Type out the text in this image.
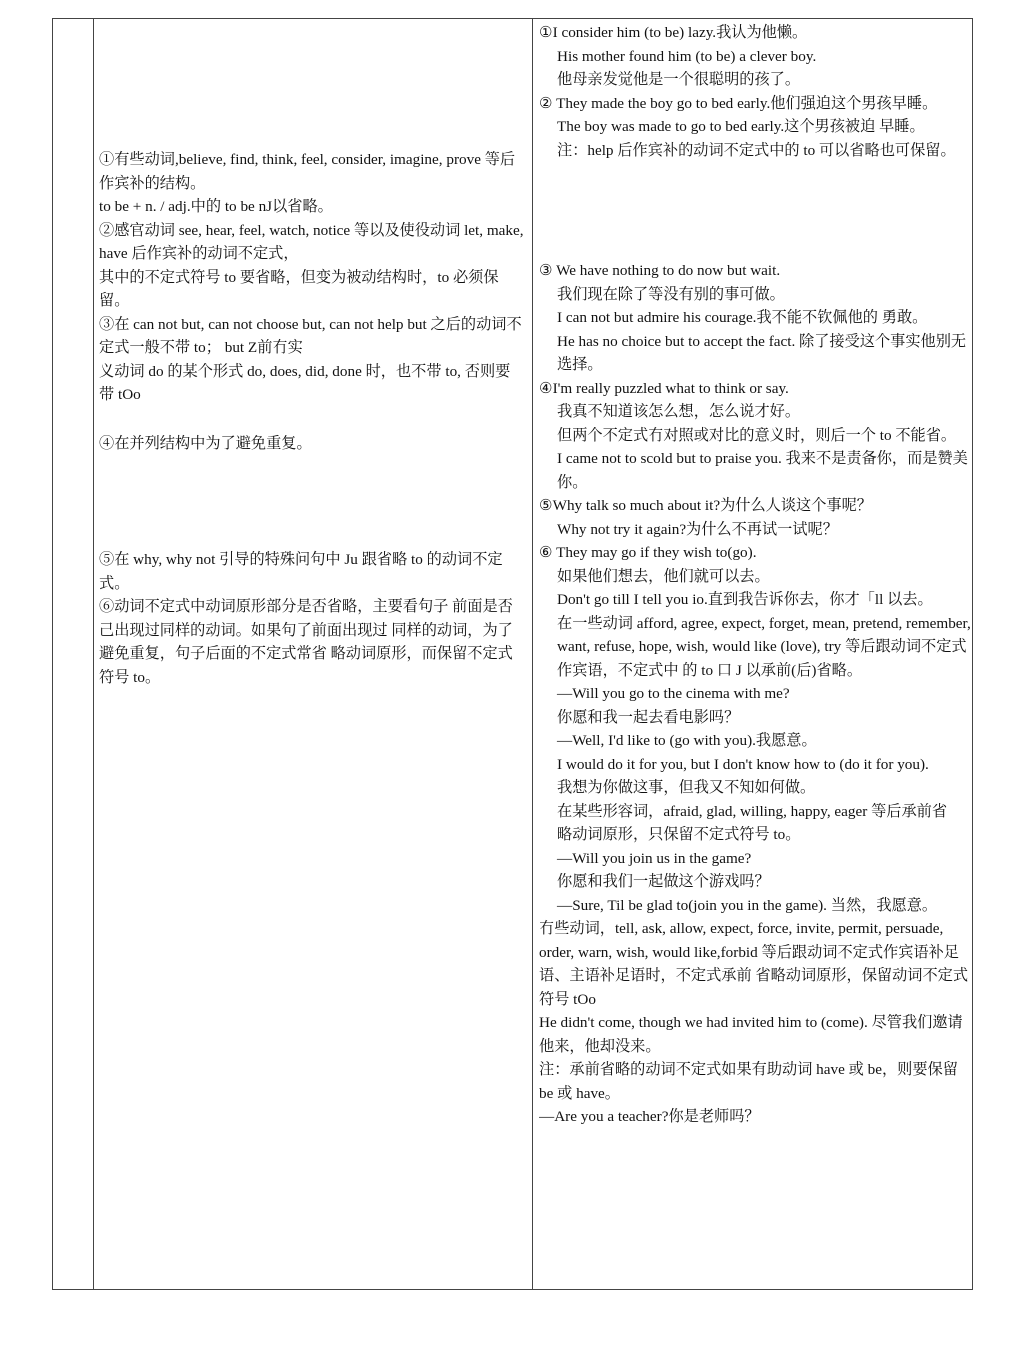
①有些动词,believe, find, think, feel, consider, imagine, prove 等后作宾补的结构。

to be + n. / adj.中的 to be nJ以省略。

②感官动词 see, hear, feel, watch, notice 等以及使役动词 let, make, have 后作宾补的动词不定式，

其中的不定式符号 to 要省略，但变为被动结构时，to 必须保留。

③在 can not but, can not choose but, can not help but 之后的动词不定式一般不带 to； but Z前冇实

义动词 do 的某个形式 do, does, did, done 时，也不带 to, 否则要带 tOo

④在并列结构中为了避免重复。

⑤在 why, why not 引导的特殊问句中 Ju 跟省略 to 的动词不定式。

⑥动词不定式中动词原形部分是否省略，主要看句子 前面是否己出现过同样的动词。如果句了前面出现过 同样的动词，为了避免重复，句子后面的不定式常省 略动词原形，而保留不定式符号 to。

①I consider him (to be) lazy.我认为他懒。

His mother found him (to be) a clever boy.

他母亲发觉他是一个很聪明的孩了。

② They made the boy go to bed early.他们强迫这个男孩早睡。

The boy was made to go to bed early.这个男孩被迫 早睡。

注：help 后作宾补的动词不定式中的 to 可以省略也可保留。

③ We have nothing to do now but wait.

我们现在除了等没有别的事可做。

I can not but admire his courage.我不能不钦佩他的 勇敢。

He has no choice but to accept the fact. 除了接受这个事实他别无选择。

④I'm really puzzled what to think or say.

我真不知道该怎么想，怎么说才好。

但两个不定式冇对照或对比的意义时，则后一个 to 不能省。

I came not to scold but to praise you. 我来不是责备你，而是赞美你。

⑤Why talk so much about it?为什么人谈这个事呢？

Why not try it again?为什么不再试一试呢？

⑥ They may go if they wish to(go).

如果他们想去，他们就可以去。

Don't go till I tell you io.直到我告诉你去，你才「ll 以去。

在一些动词 afford, agree, expect, forget, mean, pretend, remember, want, refuse, hope, wish, would like (love), try 等后跟动词不定式作宾语，不定式中 的 to 口 J 以承前(后)省略。

—Will you go to the cinema with me?

你愿和我一起去看电影吗？

—Well, I'd like to (go with you).我愿意。

I would do it for you, but I don't know how to (do it for you).

我想为你做这事，但我又不知如何做。

在某些形容词，afraid, glad, willing, happy, eager 等后承前省

略动词原形，只保留不定式符号 to。

—Will you join us in the game?

你愿和我们一起做这个游戏吗？

—Sure, Til be glad to(join you in the game). 当然，我愿意。

冇些动词，tell, ask, allow, expect, force, invite, permit, persuade, order, warn, wish, would like,forbid 等后跟动词不定式作宾语补足语、主语补足语时，不定式承前 省略动词原形，保留动词不定式符号 tOo

He didn't come, though we had invited him to (come). 尽管我们邀请他来，他却没来。

注：承前省略的动词不定式如果有助动词 have 或 be，则要保留 be 或 have。

—Are you a teacher?你是老师吗？
